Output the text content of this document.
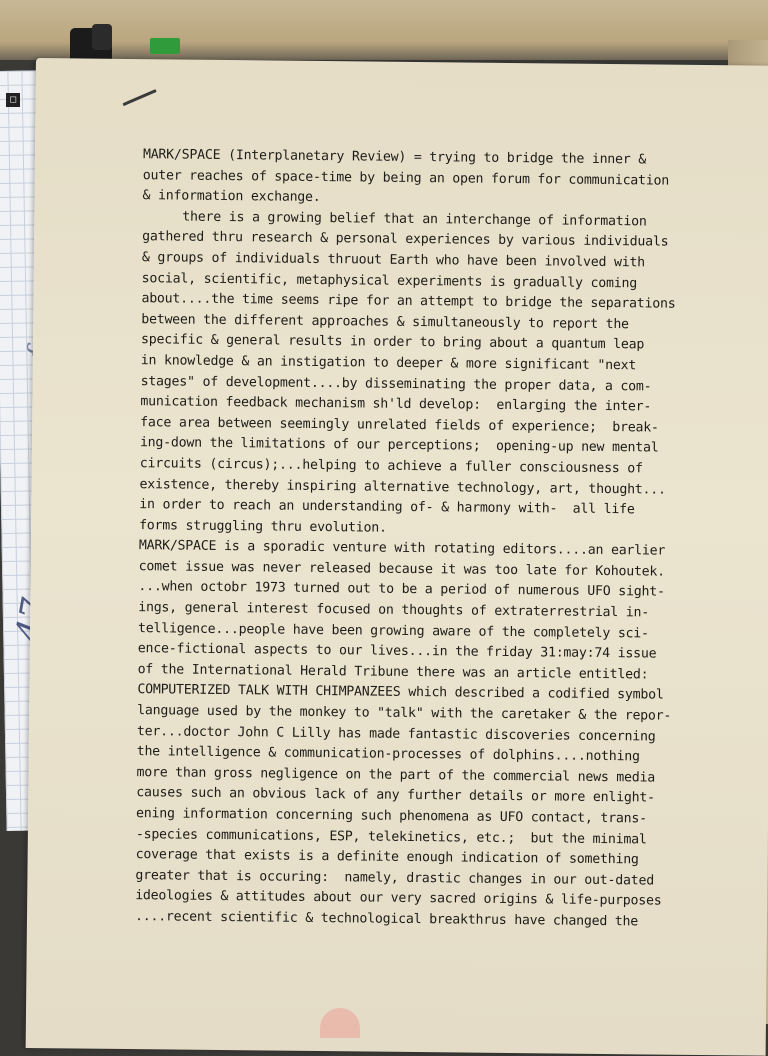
◻
MARK/SPACE (Interplanetary Review) = trying to bridge the inner &
outer reaches of space-time by being an open forum for communication
& information exchange.
there is a growing belief that an interchange of information
gathered thru research & personal experiences by various individuals
& groups of individuals thruout Earth who have been involved with
social, scientific, metaphysical experiments is gradually coming
about....the time seems ripe for an attempt to bridge the separations
between the different approaches & simultaneously to report the
specific & general results in order to bring about a quantum leap
in knowledge & an instigation to deeper & more significant "next
stages" of development....by disseminating the proper data, a com-
munication feedback mechanism sh'ld develop:  enlarging the inter-
face area between seemingly unrelated fields of experience;  break-
ing-down the limitations of our perceptions;  opening-up new mental
circuits (circus);...helping to achieve a fuller consciousness of
existence, thereby inspiring alternative technology, art, thought...
in order to reach an understanding of- & harmony with-  all life
forms struggling thru evolution.
MARK/SPACE is a sporadic venture with rotating editors....an earlier
comet issue was never released because it was too late for Kohoutek.
...when octobr 1973 turned out to be a period of numerous UFO sight-
ings, general interest focused on thoughts of extraterrestrial in-
telligence...people have been growing aware of the completely sci-
ence-fictional aspects to our lives...in the friday 31:may:74 issue
of the International Herald Tribune there was an article entitled:
COMPUTERIZED TALK WITH CHIMPANZEES which described a codified symbol
language used by the monkey to "talk" with the caretaker & the repor-
ter...doctor John C Lilly has made fantastic discoveries concerning
the intelligence & communication-processes of dolphins....nothing
more than gross negligence on the part of the commercial news media
causes such an obvious lack of any further details or more enlight-
ening information concerning such phenomena as UFO contact, trans-
-species communications, ESP, telekinetics, etc.;  but the minimal
coverage that exists is a definite enough indication of something
greater that is occuring:  namely, drastic changes in our out-dated
ideologies & attitudes about our very sacred origins & life-purposes
....recent scientific & technological breakthrus have changed the
